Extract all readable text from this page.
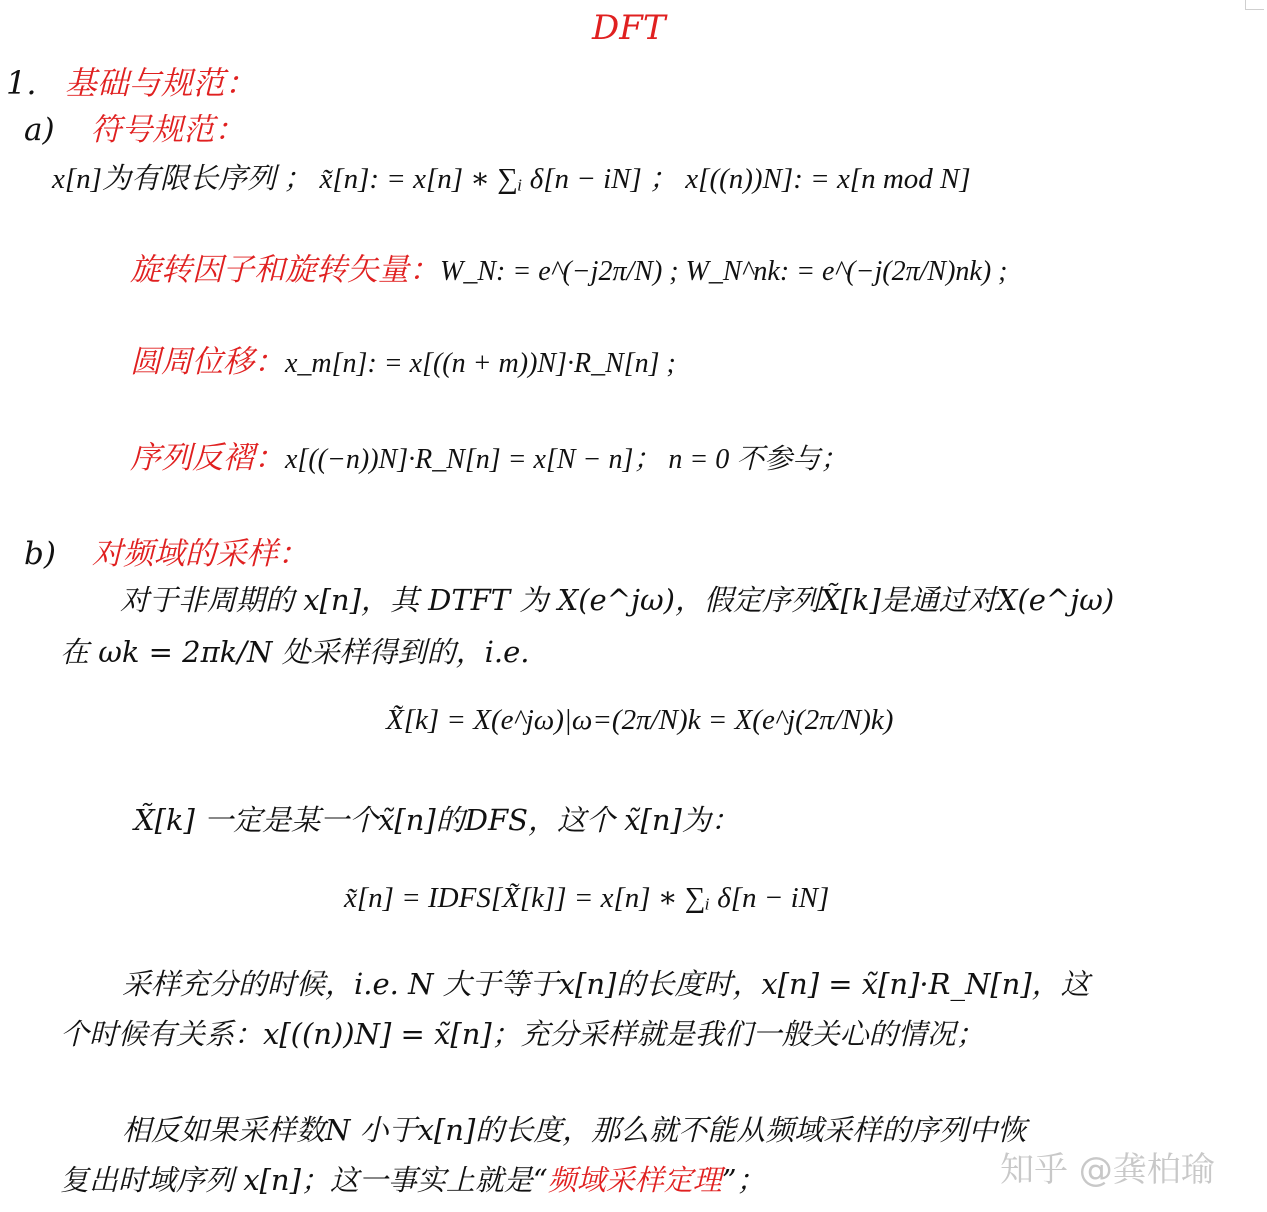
DFT
1. 基础与规范：
a) 符号规范：
x[n]为有限长序列 ； x̃[n]: = x[n] ∗ ∑ᵢ δ[n − iN] ； x[((n))N]: = x[n mod N]
旋转因子和旋转矢量：W_N: = e^(−j2π/N) ; W_N^nk: = e^(−j(2π/N)nk) ;
圆周位移：x_m[n]: = x[((n + m))N]·R_N[n] ;
序列反褶：x[((−n))N]·R_N[n] = x[N − n]； n = 0 不参与；
b) 对频域的采样：
对于非周期的 x[n]，其 DTFT 为 X(e^jω)，假定序列X̃[k]是通过对X(e^jω)
在 ωk = 2πk/N 处采样得到的，i.e.
X̃[k] = X(e^jω)|ω=(2π/N)k = X(e^j(2π/N)k)
X̃[k] 一定是某一个x̃[n]的DFS，这个 x̃[n]为：
x̃[n] = IDFS[X̃[k]] = x[n] ∗ ∑ᵢ δ[n − iN]
采样充分的时候，i.e. N 大于等于x[n]的长度时，x[n] = x̃[n]·R_N[n]，这
个时候有关系：x[((n))N] = x̃[n]；充分采样就是我们一般关心的情况；
相反如果采样数N 小于x[n]的长度，那么就不能从频域采样的序列中恢
复出时域序列 x[n]；这一事实上就是“频域采样定理”；	知乎 @龚柏瑜
